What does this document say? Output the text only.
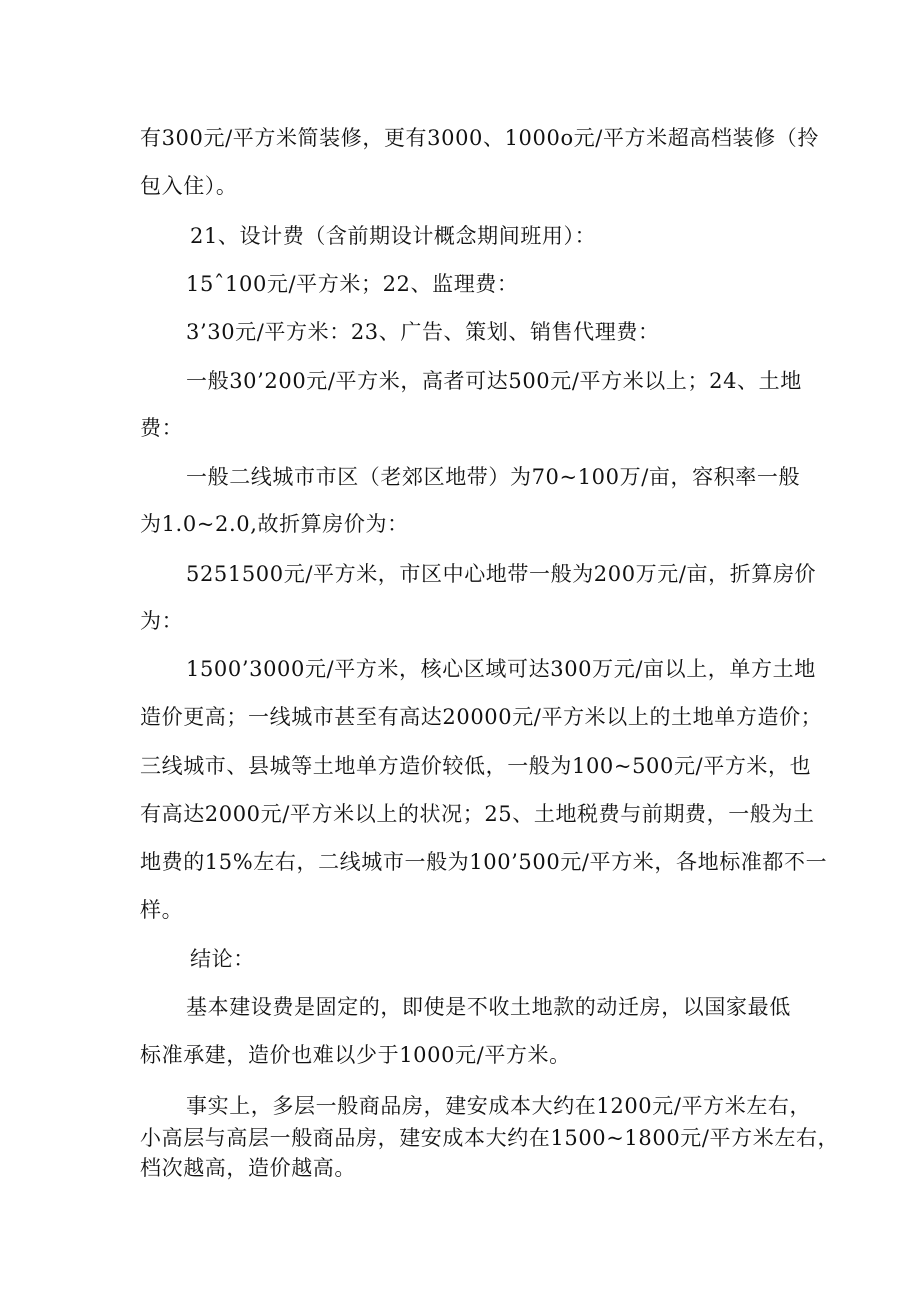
有300元/平方米简装修，更有3000、1000o元/平方米超高档装修（拎
包入住）。
21、设计费（含前期设计概念期间班用）：
15ˆ100元/平方米；22、监理费：
3’30元/平方米：23、广告、策划、销售代理费：
一般30’200元/平方米，高者可达500元/平方米以上；24、土地
费：
一般二线城市市区（老郊区地带）为70~100万/亩，容积率一般
为1.0~2.0,故折算房价为：
5251500元/平方米，市区中心地带一般为200万元/亩，折算房价
为：
1500’3000元/平方米，核心区域可达300万元/亩以上，单方土地
造价更高；一线城市甚至有高达20000元/平方米以上的土地单方造价；
三线城市、县城等土地单方造价较低，一般为100~500元/平方米，也
有高达2000元/平方米以上的状况；25、土地税费与前期费，一般为土
地费的15%左右，二线城市一般为100’500元/平方米，各地标准都不一
样。
结论：
基本建设费是固定的，即使是不收土地款的动迁房，以国家最低
标准承建，造价也难以少于1000元/平方米。
事实上，多层一般商品房，建安成本大约在1200元/平方米左右，
小高层与高层一般商品房，建安成本大约在1500~1800元/平方米左右，
档次越高，造价越高。
